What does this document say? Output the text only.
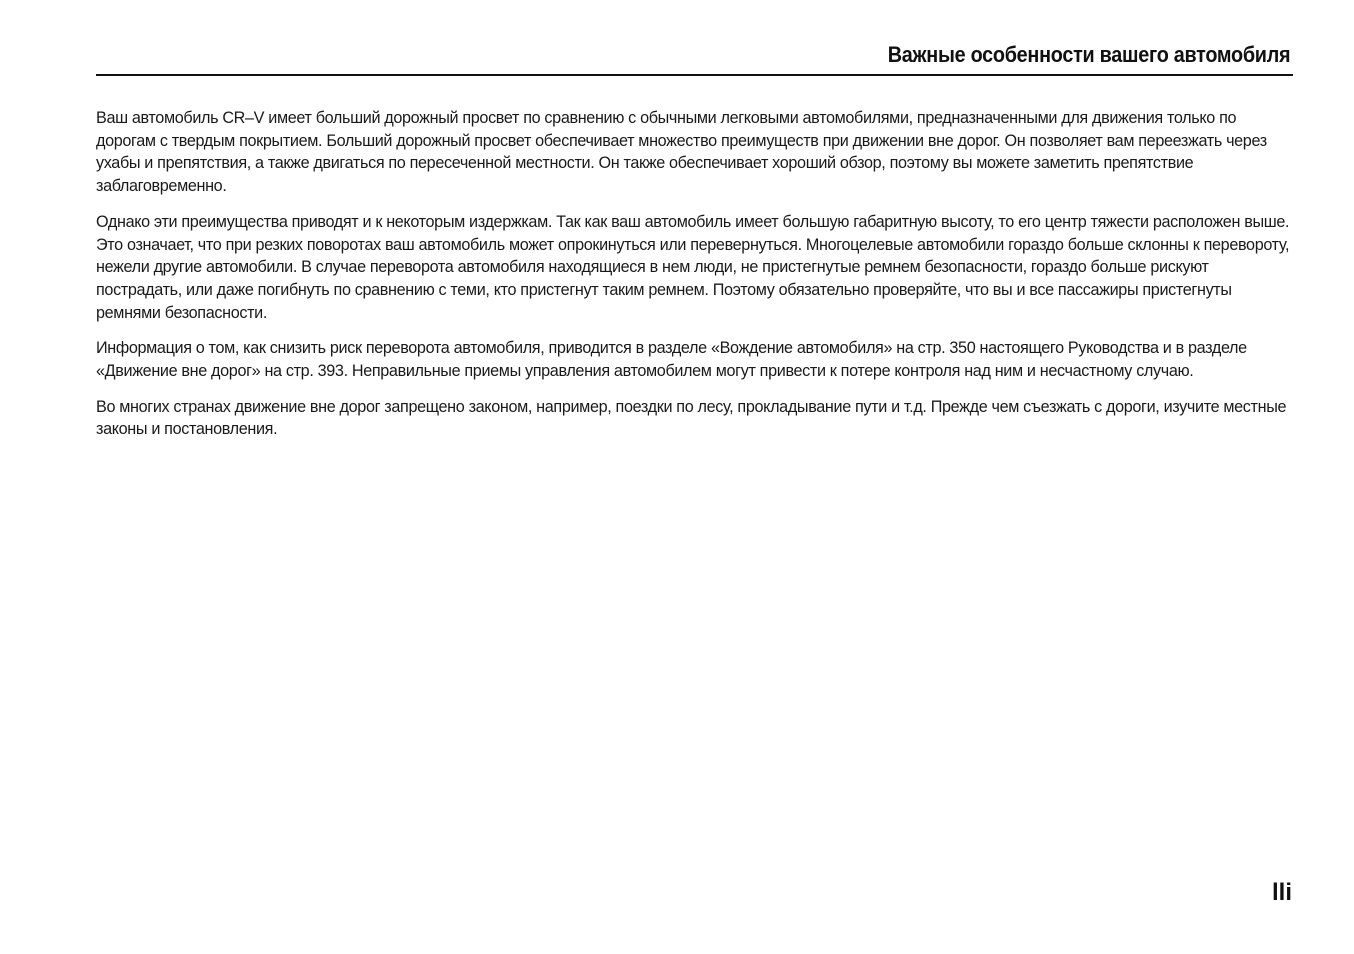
Важные особенности вашего автомобиля

Ваш автомобиль CR–V имеет больший дорожный просвет по сравнению с обычными легковыми автомобилями, предназначенными для движения только по дорогам с твердым покрытием. Больший дорожный просвет обеспечивает множество преимуществ при движении вне дорог. Он позволяет вам переезжать через ухабы и препятствия, а также двигаться по пересеченной местности. Он также обеспечивает хороший обзор, поэтому вы можете заметить препятствие заблаговременно.

Однако эти преимущества приводят и к некоторым издержкам. Так как ваш автомобиль имеет большую габаритную высоту, то его центр тяжести расположен выше. Это означает, что при резких поворотах ваш автомобиль может опрокинуться или перевернуться. Многоцелевые автомобили гораздо больше склонны к перевороту, нежели другие автомобили. В случае переворота автомобиля находящиеся в нем люди, не пристегнутые ремнем безопасности, гораздо больше рискуют пострадать, или даже погибнуть по сравнению с теми, кто пристегнут таким ремнем. Поэтому обязательно проверяйте, что вы и все пассажиры пристегнуты ремнями безопасности.

Информация о том, как снизить риск переворота автомобиля, приводится в разделе «Вождение автомобиля» на стр. 350 настоящего Руководства и в разделе «Движение вне дорог» на стр. 393. Неправильные приемы управления автомобилем могут привести к потере контроля над ним и несчастному случаю.

Во многих странах движение вне дорог запрещено законом, например, поездки по лесу, прокладывание пути и т.д. Прежде чем съезжать с дороги, изучите местные законы и постановления.

lli
